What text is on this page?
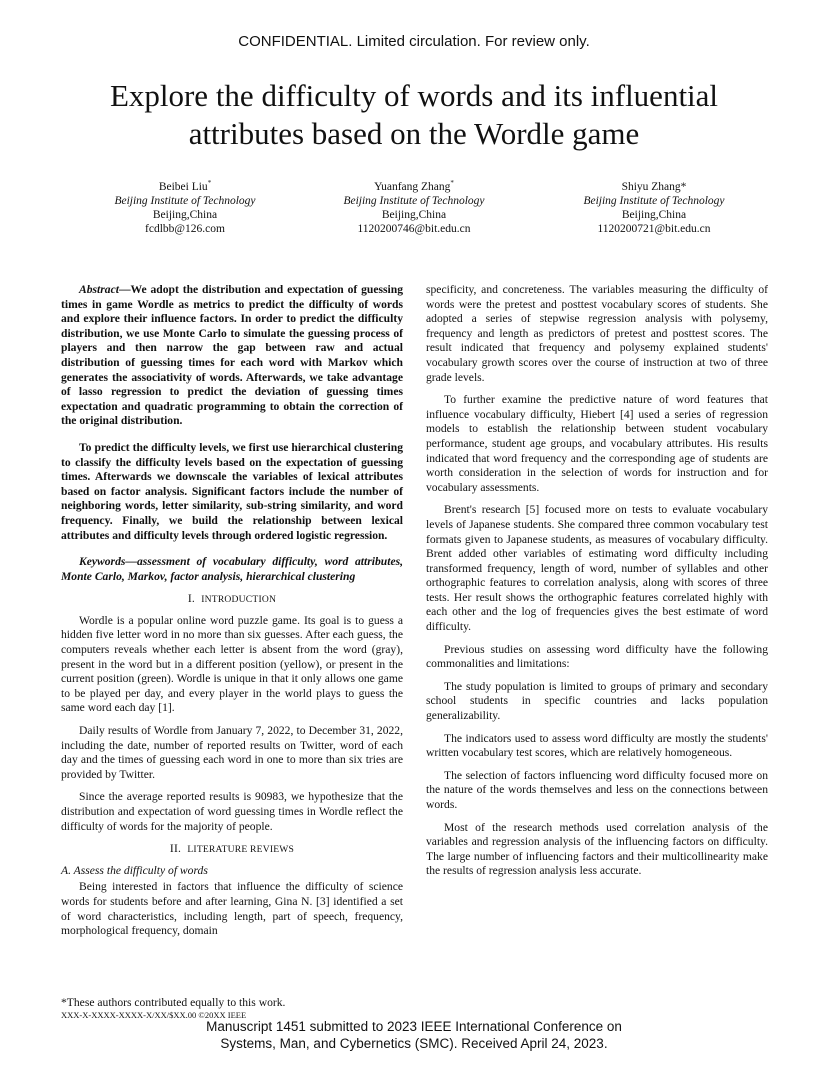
CONFIDENTIAL. Limited circulation. For review only.
Explore the difficulty of words and its influential
attributes based on the Wordle game
Beibei Liu*
Beijing Institute of Technology
Beijing,China
fcdlbb@126.com
Yuanfang Zhang*
Beijing Institute of Technology
Beijing,China
1120200746@bit.edu.cn
Shiyu Zhang*
Beijing Institute of Technology
Beijing,China
1120200721@bit.edu.cn

Abstract—We adopt the distribution and expectation of guessing times in game Wordle as metrics to predict the difficulty of words and explore their influence factors. In order to predict the difficulty distribution, we use Monte Carlo to simulate the guessing process of players and then narrow the gap between raw and actual distribution of guessing times for each word with Markov which generates the associativity of words. Afterwards, we take advantage of lasso regression to predict the deviation of guessing times expectation and quadratic programming to obtain the correction of the original distribution.

To predict the difficulty levels, we first use hierarchical clustering to classify the difficulty levels based on the expectation of guessing times. Afterwards we downscale the variables of lexical attributes based on factor analysis. Significant factors include the number of neighboring words, letter similarity, sub-string similarity, and word frequency. Finally, we build the relationship between lexical attributes and difficulty levels through ordered logistic regression.

Keywords—assessment of vocabulary difficulty, word attributes, Monte Carlo, Markov, factor analysis, hierarchical clustering

I. INTRODUCTION

Wordle is a popular online word puzzle game. Its goal is to guess a hidden five letter word in no more than six guesses. After each guess, the computers reveals whether each letter is absent from the word (gray), present in the word but in a different position (yellow), or present in the current position (green). Wordle is unique in that it only allows one game to be played per day, and every player in the world plays to guess the same word each day [1].

Daily results of Wordle from January 7, 2022, to December 31, 2022, including the date, number of reported results on Twitter, word of each day and the times of guessing each word in one to more than six tries are provided by Twitter.

Since the average reported results is 90983, we hypothesize that the distribution and expectation of word guessing times in Wordle reflect the difficulty of words for the majority of people.

II. LITERATURE REVIEWS
A. Assess the difficulty of words

Being interested in factors that influence the difficulty of science words for students before and after learning, Gina N. [3] identified a set of word characteristics, including length, part of speech, frequency, morphological frequency, domain

specificity, and concreteness. The variables measuring the difficulty of words were the pretest and posttest vocabulary scores of students. She adopted a series of stepwise regression analysis with polysemy, frequency and length as predictors of pretest and posttest scores. The result indicated that frequency and polysemy explained students' vocabulary growth scores over the course of instruction at two of three grade levels.

To further examine the predictive nature of word features that influence vocabulary difficulty, Hiebert [4] used a series of regression models to establish the relationship between student vocabulary performance, student age groups, and vocabulary attributes. His results indicated that word frequency and the corresponding age of students are worth consideration in the selection of words for instruction and for vocabulary assessments.

Brent's research [5] focused more on tests to evaluate vocabulary levels of Japanese students. She compared three common vocabulary test formats given to Japanese students, as measures of vocabulary difficulty. Brent added other variables of estimating word difficulty including transformed frequency, length of word, number of syllables and other orthographic features to correlation analysis, along with scores of three tests. Her result shows the orthographic features correlated highly with each other and the log of frequencies gives the best estimate of word difficulty.

Previous studies on assessing word difficulty have the following commonalities and limitations:

The study population is limited to groups of primary and secondary school students in specific countries and lacks population generalizability.

The indicators used to assess word difficulty are mostly the students' written vocabulary test scores, which are relatively homogeneous.

The selection of factors influencing word difficulty focused more on the nature of the words themselves and less on the connections between words.

Most of the research methods used correlation analysis of the variables and regression analysis of the influencing factors on difficulty. The large number of influencing factors and their multicollinearity make the results of regression analysis less accurate.

*These authors contributed equally to this work.
XXX-X-XXXX-XXXX-X/XX/$XX.00 ©20XX IEEE
Manuscript 1451 submitted to 2023 IEEE International Conference on
Systems, Man, and Cybernetics (SMC). Received April 24, 2023.
